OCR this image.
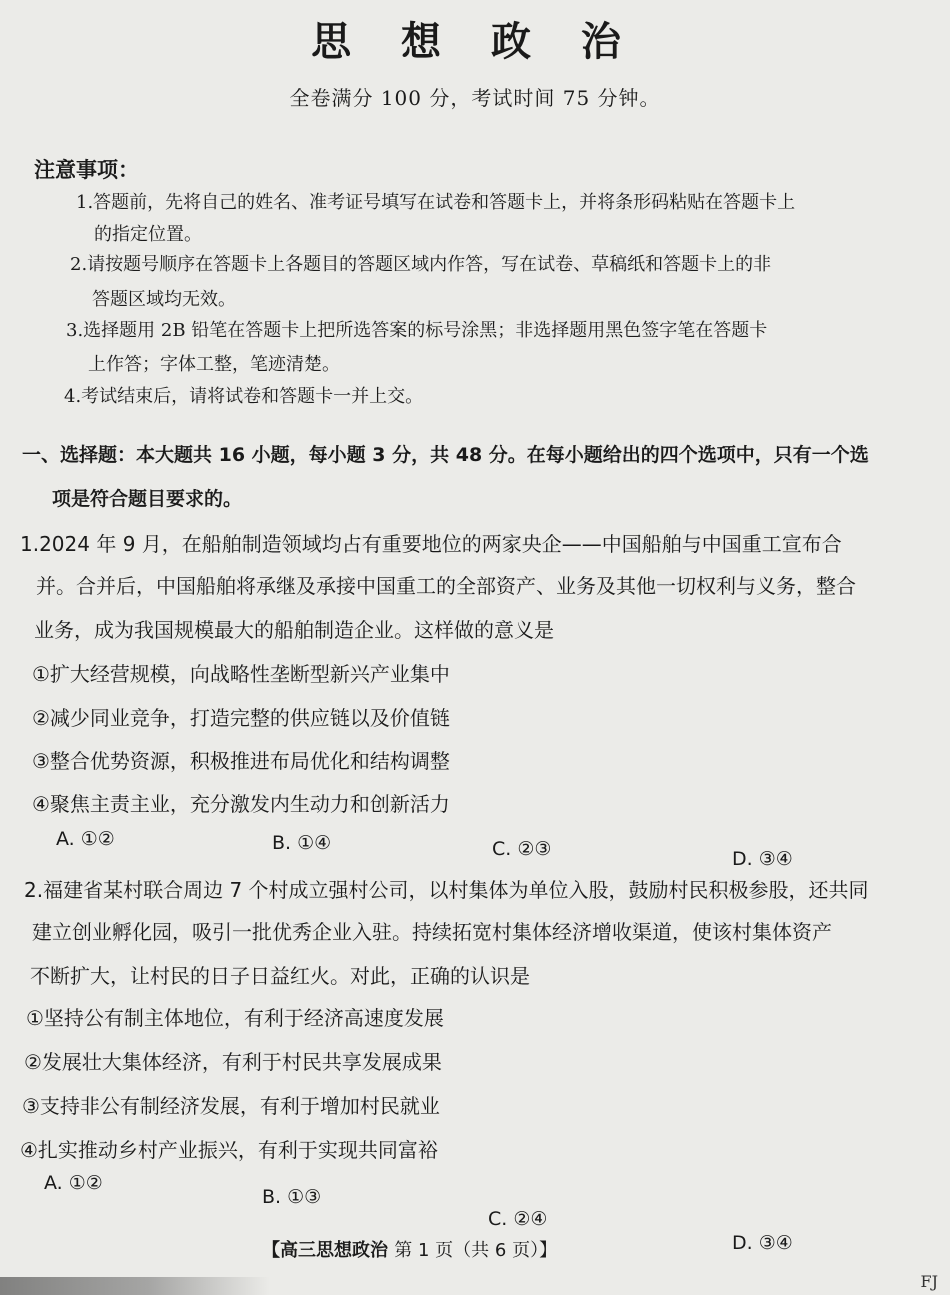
思 想 政 治
全卷满分 100 分，考试时间 75 分钟。
注意事项：
1.答题前，先将自己的姓名、准考证号填写在试卷和答题卡上，并将条形码粘贴在答题卡上
的指定位置。
2.请按题号顺序在答题卡上各题目的答题区域内作答，写在试卷、草稿纸和答题卡上的非
答题区域均无效。
3.选择题用 2B 铅笔在答题卡上把所选答案的标号涂黑；非选择题用黑色签字笔在答题卡
上作答；字体工整，笔迹清楚。
4.考试结束后，请将试卷和答题卡一并上交。
一、选择题：本大题共 16 小题，每小题 3 分，共 48 分。在每小题给出的四个选项中，只有一个选
项是符合题目要求的。
1.2024 年 9 月，在船舶制造领域均占有重要地位的两家央企——中国船舶与中国重工宣布合
并。合并后，中国船舶将承继及承接中国重工的全部资产、业务及其他一切权利与义务，整合
业务，成为我国规模最大的船舶制造企业。这样做的意义是
①扩大经营规模，向战略性垄断型新兴产业集中
②减少同业竞争，打造完整的供应链以及价值链
③整合优势资源，积极推进布局优化和结构调整
④聚焦主责主业，充分激发内生动力和创新活力
A. ①②	B. ①④	C. ②③	D. ③④
2.福建省某村联合周边 7 个村成立强村公司，以村集体为单位入股，鼓励村民积极参股，还共同
建立创业孵化园，吸引一批优秀企业入驻。持续拓宽村集体经济增收渠道，使该村集体资产
不断扩大，让村民的日子日益红火。对此，正确的认识是
①坚持公有制主体地位，有利于经济高速度发展
②发展壮大集体经济，有利于村民共享发展成果
③支持非公有制经济发展，有利于增加村民就业
④扎实推动乡村产业振兴，有利于实现共同富裕
A. ①②
B. ①③
C. ②④
D. ③④
【高三思想政治 第 1 页（共 6 页）】
FJ
